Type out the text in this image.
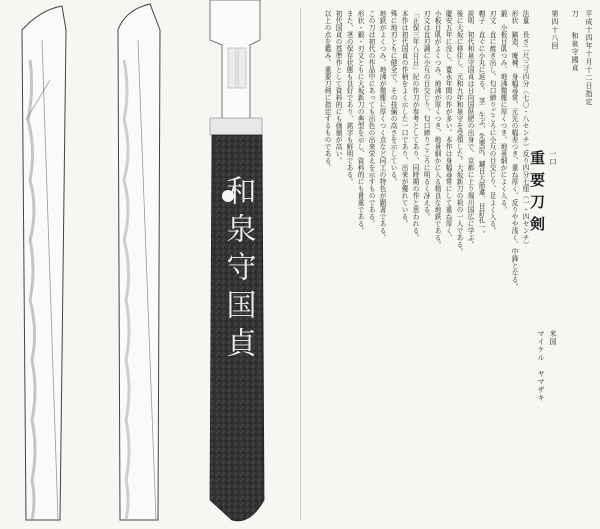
和泉守国貞
平成十四年十月十二日指定
刀
和泉守國貞
第四十八回
重要刀剣 一口
米国
マイケル　ヤマザキ
法量　長さ二尺三寸四分（七〇・八センチ）反り四分七厘（一・四センチ）
形状　鎬造、庵棟、身幅尋常、元先の幅差つき、重ね厚く、反りやや浅く、中鋒となる。
鍛　小板目肌つみ、地沸微塵に厚くつき、地景細かによく入る。
刃文　直に焼き出し、匂口締りごころに小互の目交じり、足よく入る。
帽子　直ぐに小丸に返る。　茎　生ぶ、先栗尻、鑢目大筋違、目釘孔一。
説明　初代和泉守国貞は日向国飫肥の出身で、京都に上り堀川国広に学ぶ。
後に大坂に移住し、元和九年和泉守を受領した。大坂新刀の祖の一人である。
慶安五年に没し、寛永年間の作が多い。本作は身幅尋常にして重ね厚く、
小板目肌がよくつみ、地沸が厚くつき、地景細かに入る精良な地鉄である。
刃文は直刃調に小互の目交じり、匂口締りごころに明るく冴える。
「正保三年八月日」紀の作刀が参考としてあり、同時期の作と思われる。
本作は初代国貞の作柄をよく示した一口であり、出来が優れている。
殊に地刃ともに健全で、その技倆の高さを示している。
地鉄がよくつみ、地沸が微塵に厚くつく点など同工の特色が顕著である。
この刀は初代の作品中にあっても出色の出来栄えを示すものである。
形状・鍛・刃文ともに大坂新刀の典型を示し、資料的にも貴重である。
また、茎の保存状態も良好であり、銘字も鮮明である。
初代国貞の基準作として資料的にも価値が高い。
以上の点を鑑み、重要刀剣に指定するものである。
